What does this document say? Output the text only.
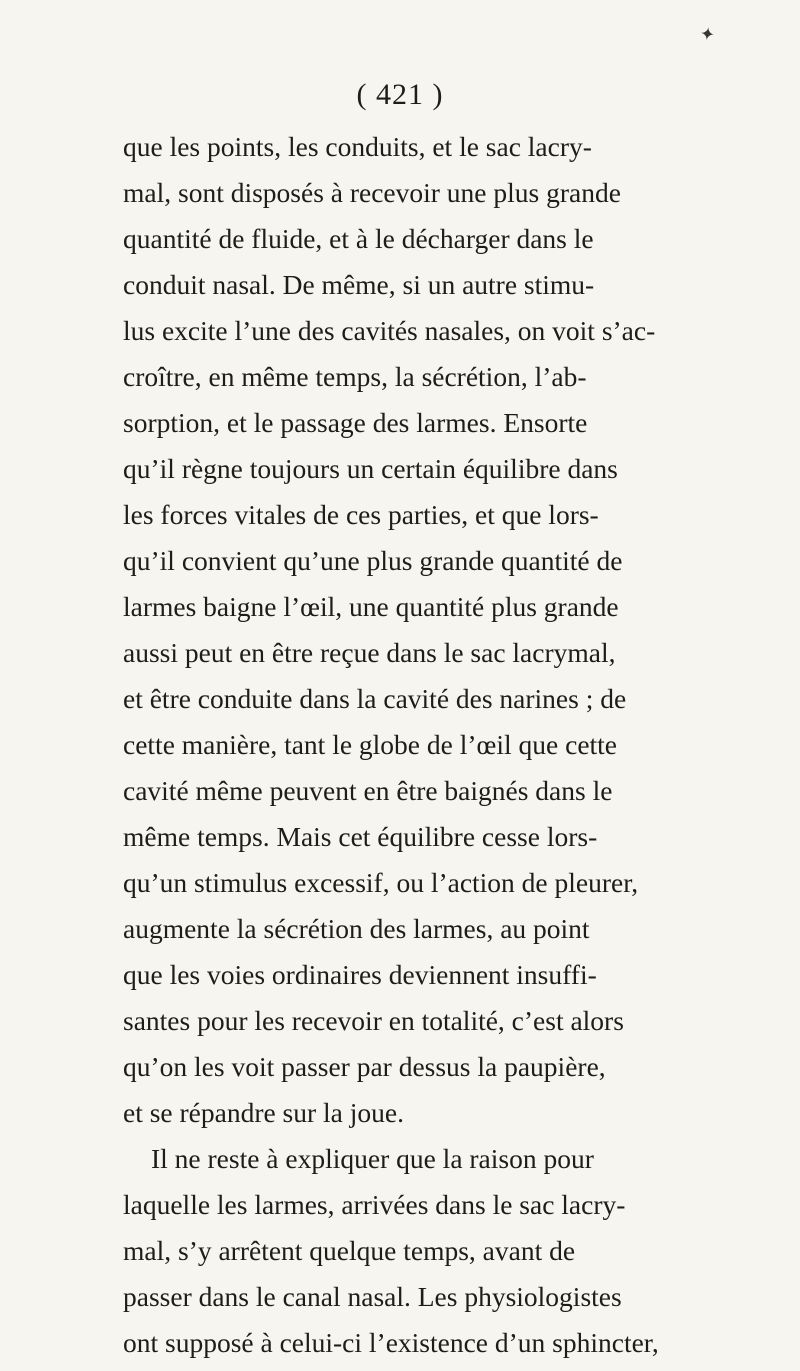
✦
( 421 )
que les points, les conduits, et le sac lacry-
mal, sont disposés à recevoir une plus grande
quantité de fluide, et à le décharger dans le
conduit nasal. De même, si un autre stimu-
lus excite l’une des cavités nasales, on voit s’ac-
croître, en même temps, la sécrétion, l’ab-
sorption, et le passage des larmes. Ensorte
qu’il règne toujours un certain équilibre dans
les forces vitales de ces parties, et que lors-
qu’il convient qu’une plus grande quantité de
larmes baigne l’œil, une quantité plus grande
aussi peut en être reçue dans le sac lacrymal,
et être conduite dans la cavité des narines ; de
cette manière, tant le globe de l’œil que cette
cavité même peuvent en être baignés dans le
même temps. Mais cet équilibre cesse lors-
qu’un stimulus excessif, ou l’action de pleurer,
augmente la sécrétion des larmes, au point
que les voies ordinaires deviennent insuffi-
santes pour les recevoir en totalité, c’est alors
qu’on les voit passer par dessus la paupière,
et se répandre sur la joue.
Il ne reste à expliquer que la raison pour
laquelle les larmes, arrivées dans le sac lacry-
mal, s’y arrêtent quelque temps, avant de
passer dans le canal nasal. Les physiologistes
ont supposé à celui-ci l’existence d’un sphincter,
